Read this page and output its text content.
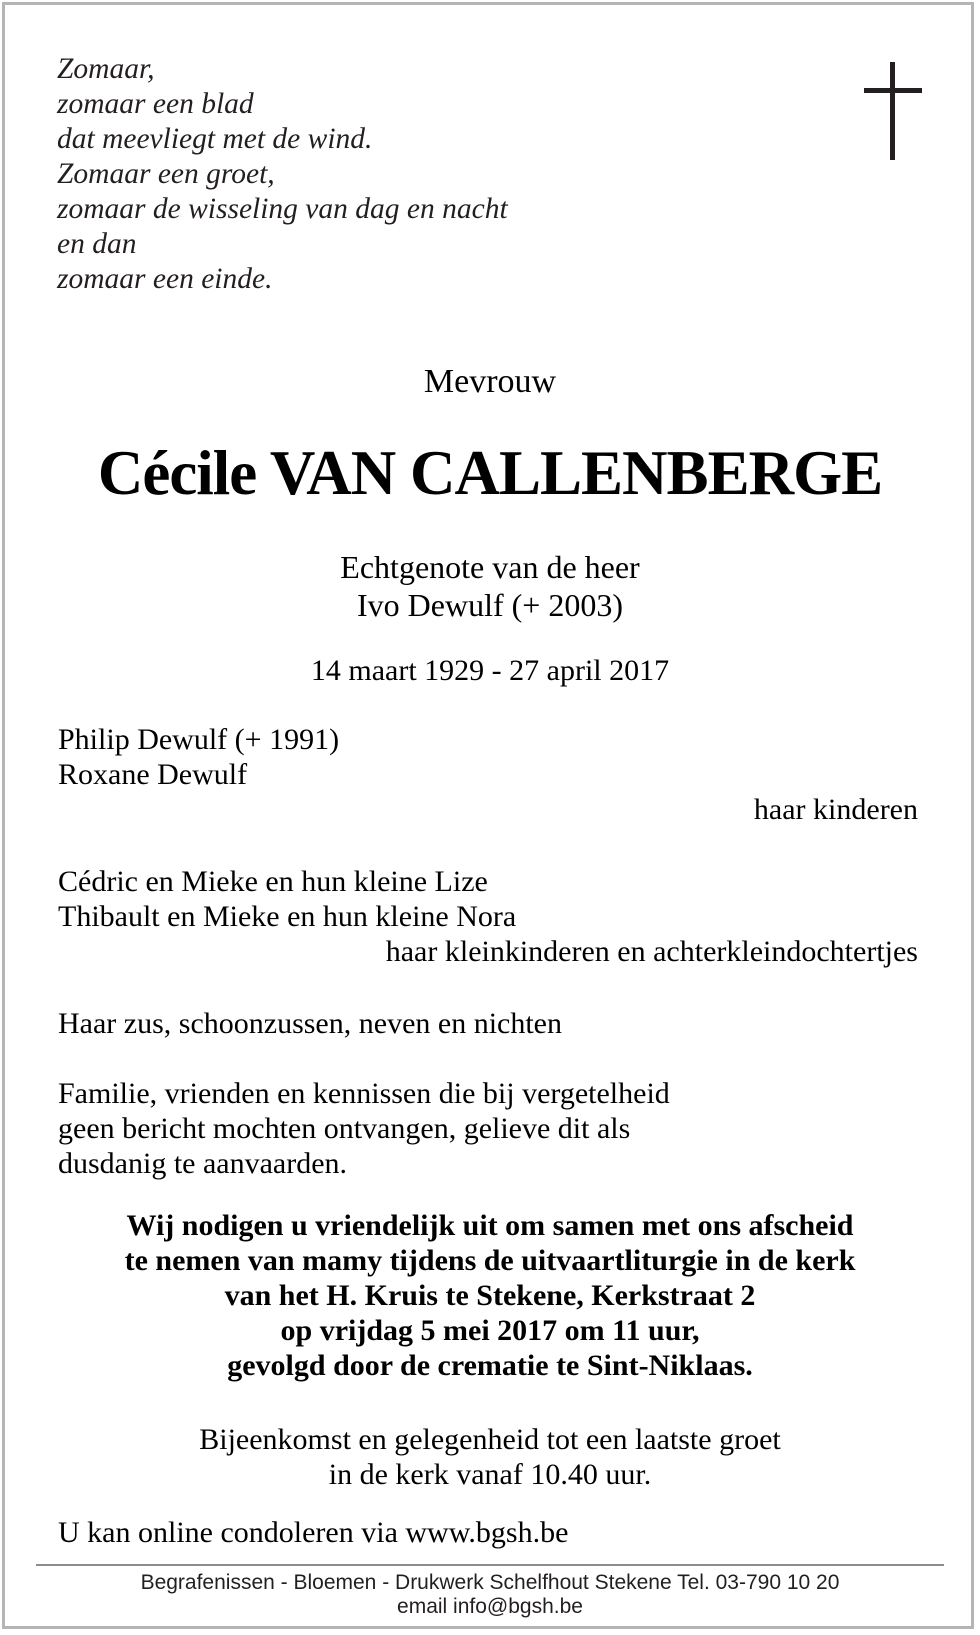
Zomaar,
zomaar een blad
dat meevliegt met de wind.
Zomaar een groet,
zomaar de wisseling van dag en nacht
en dan
zomaar een einde.
Mevrouw
Cécile VAN CALLENBERGE
Echtgenote van de heer
Ivo Dewulf (+ 2003)
14 maart 1929 - 27 april 2017
Philip Dewulf (+ 1991)
Roxane Dewulf
haar kinderen
Cédric en Mieke en hun kleine Lize
Thibault en Mieke en hun kleine Nora
haar kleinkinderen en achterkleindochtertjes
Haar zus, schoonzussen, neven en nichten
Familie, vrienden en kennissen die bij vergetelheid
geen bericht mochten ontvangen, gelieve dit als
dusdanig te aanvaarden.
Wij nodigen u vriendelijk uit om samen met ons afscheid
te nemen van mamy tijdens de uitvaartliturgie in de kerk
van het H. Kruis te Stekene, Kerkstraat 2
op vrijdag 5 mei 2017 om 11 uur,
gevolgd door de crematie te Sint-Niklaas.
Bijeenkomst en gelegenheid tot een laatste groet
in de kerk vanaf 10.40 uur.
U kan online condoleren via www.bgsh.be
Begrafenissen - Bloemen - Drukwerk Schelfhout Stekene Tel. 03-790 10 20
email info@bgsh.be
